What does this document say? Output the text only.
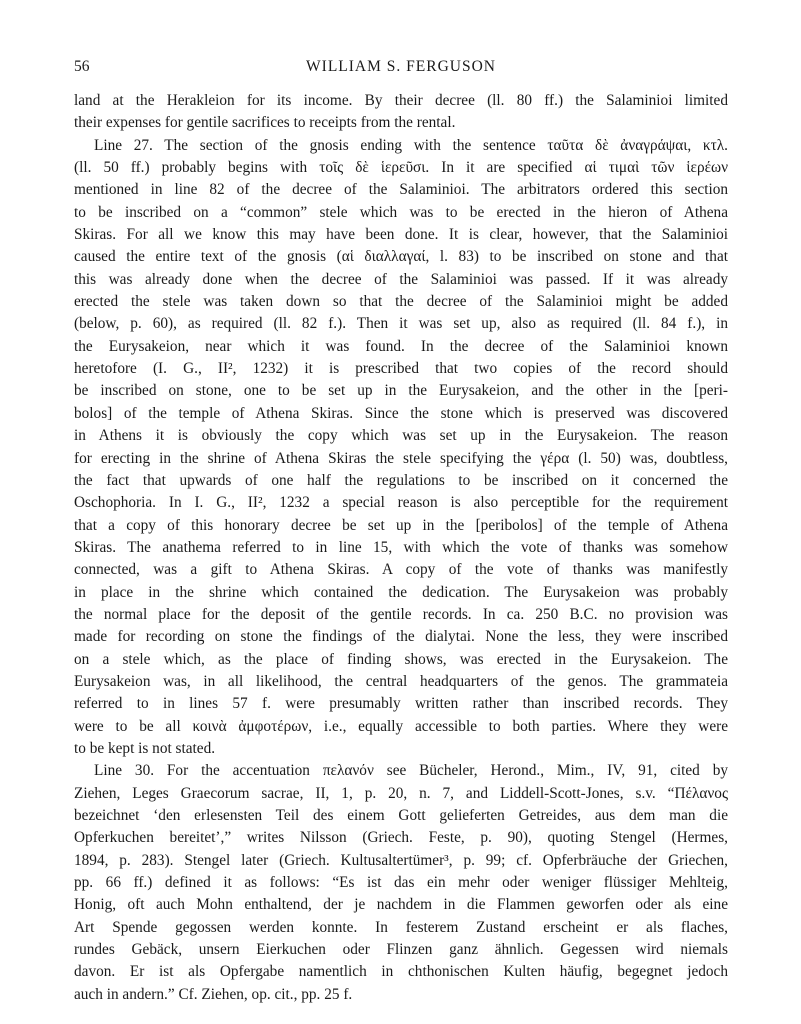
56	WILLIAM S. FERGUSON
land at the Herakleion for its income. By their decree (ll. 80 ff.) the Salaminioi limited
their expenses for gentile sacrifices to receipts from the rental.
Line 27. The section of the gnosis ending with the sentence ταῦτα δὲ ἀναγράψαι, κτλ.
(ll. 50 ff.) probably begins with τοῖς δὲ ἱερεῦσι. In it are specified αἱ τιμαὶ τῶν ἱερέων
mentioned in line 82 of the decree of the Salaminioi. The arbitrators ordered this section
to be inscribed on a “common” stele which was to be erected in the hieron of Athena
Skiras. For all we know this may have been done. It is clear, however, that the Salaminioi
caused the entire text of the gnosis (αἱ διαλλαγαί, l. 83) to be inscribed on stone and that
this was already done when the decree of the Salaminioi was passed. If it was already
erected the stele was taken down so that the decree of the Salaminioi might be added
(below, p. 60), as required (ll. 82 f.). Then it was set up, also as required (ll. 84 f.), in
the Eurysakeion, near which it was found. In the decree of the Salaminioi known
heretofore (I. G., II², 1232) it is prescribed that two copies of the record should
be inscribed on stone, one to be set up in the Eurysakeion, and the other in the [peri-
bolos] of the temple of Athena Skiras. Since the stone which is preserved was discovered
in Athens it is obviously the copy which was set up in the Eurysakeion. The reason
for erecting in the shrine of Athena Skiras the stele specifying the γέρα (l. 50) was, doubtless,
the fact that upwards of one half the regulations to be inscribed on it concerned the
Oschophoria. In I. G., II², 1232 a special reason is also perceptible for the requirement
that a copy of this honorary decree be set up in the [peribolos] of the temple of Athena
Skiras. The anathema referred to in line 15, with which the vote of thanks was somehow
connected, was a gift to Athena Skiras. A copy of the vote of thanks was manifestly
in place in the shrine which contained the dedication. The Eurysakeion was probably
the normal place for the deposit of the gentile records. In ca. 250 B.C. no provision was
made for recording on stone the findings of the dialytai. None the less, they were inscribed
on a stele which, as the place of finding shows, was erected in the Eurysakeion. The
Eurysakeion was, in all likelihood, the central headquarters of the genos. The grammateia
referred to in lines 57 f. were presumably written rather than inscribed records. They
were to be all κοινὰ ἀμφοτέρων, i.e., equally accessible to both parties. Where they were
to be kept is not stated.
Line 30. For the accentuation πελανόν see Bücheler, Herond., Mim., IV, 91, cited by
Ziehen, Leges Graecorum sacrae, II, 1, p. 20, n. 7, and Liddell-Scott-Jones, s.v. “Πέλανος
bezeichnet ‘den erlesensten Teil des einem Gott gelieferten Getreides, aus dem man die
Opferkuchen bereitet’,” writes Nilsson (Griech. Feste, p. 90), quoting Stengel (Hermes,
1894, p. 283). Stengel later (Griech. Kultusaltertümer³, p. 99; cf. Opferbräuche der Griechen,
pp. 66 ff.) defined it as follows: “Es ist das ein mehr oder weniger flüssiger Mehlteig,
Honig, oft auch Mohn enthaltend, der je nachdem in die Flammen geworfen oder als eine
Art Spende gegossen werden konnte. In festerem Zustand erscheint er als flaches,
rundes Gebäck, unsern Eierkuchen oder Flinzen ganz ähnlich. Gegessen wird niemals
davon. Er ist als Opfergabe namentlich in chthonischen Kulten häufig, begegnet jedoch
auch in andern.” Cf. Ziehen, op. cit., pp. 25 f.
